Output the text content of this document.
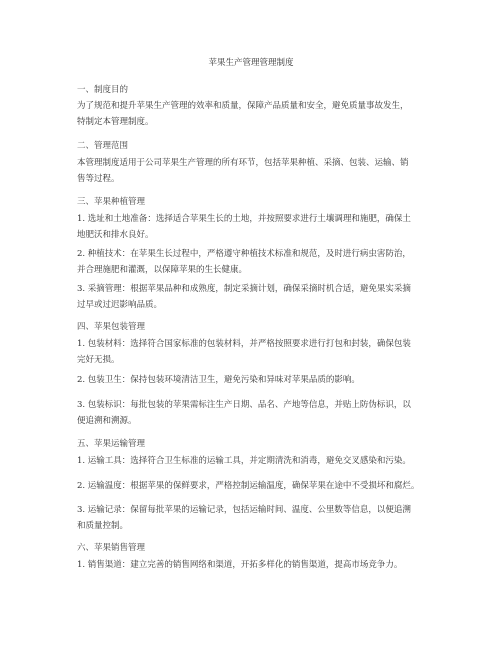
苹果生产管理管理制度
一、制度目的
为了规范和提升苹果生产管理的效率和质量，保障产品质量和安全，避免质量事故发生，
特制定本管理制度。
二、管理范围
本管理制度适用于公司苹果生产管理的所有环节，包括苹果种植、采摘、包装、运输、销
售等过程。
三、苹果种植管理
1. 选址和土地准备：选择适合苹果生长的土地，并按照要求进行土壤调理和施肥，确保土
地肥沃和排水良好。
2. 种植技术：在苹果生长过程中，严格遵守种植技术标准和规范，及时进行病虫害防治，
并合理施肥和灌溉，以保障苹果的生长健康。
3. 采摘管理：根据苹果品种和成熟度，制定采摘计划，确保采摘时机合适，避免果实采摘
过早或过迟影响品质。
四、苹果包装管理
1. 包装材料：选择符合国家标准的包装材料，并严格按照要求进行打包和封装，确保包装
完好无损。
2. 包装卫生：保持包装环境清洁卫生，避免污染和异味对苹果品质的影响。
3. 包装标识：每批包装的苹果需标注生产日期、品名、产地等信息，并贴上防伪标识，以
便追溯和溯源。
五、苹果运输管理
1. 运输工具：选择符合卫生标准的运输工具，并定期清洗和消毒，避免交叉感染和污染。
2. 运输温度：根据苹果的保鲜要求，严格控制运输温度，确保苹果在途中不受损坏和腐烂。
3. 运输记录：保留每批苹果的运输记录，包括运输时间、温度、公里数等信息，以便追溯
和质量控制。
六、苹果销售管理
1. 销售渠道：建立完善的销售网络和渠道，开拓多样化的销售渠道，提高市场竞争力。
